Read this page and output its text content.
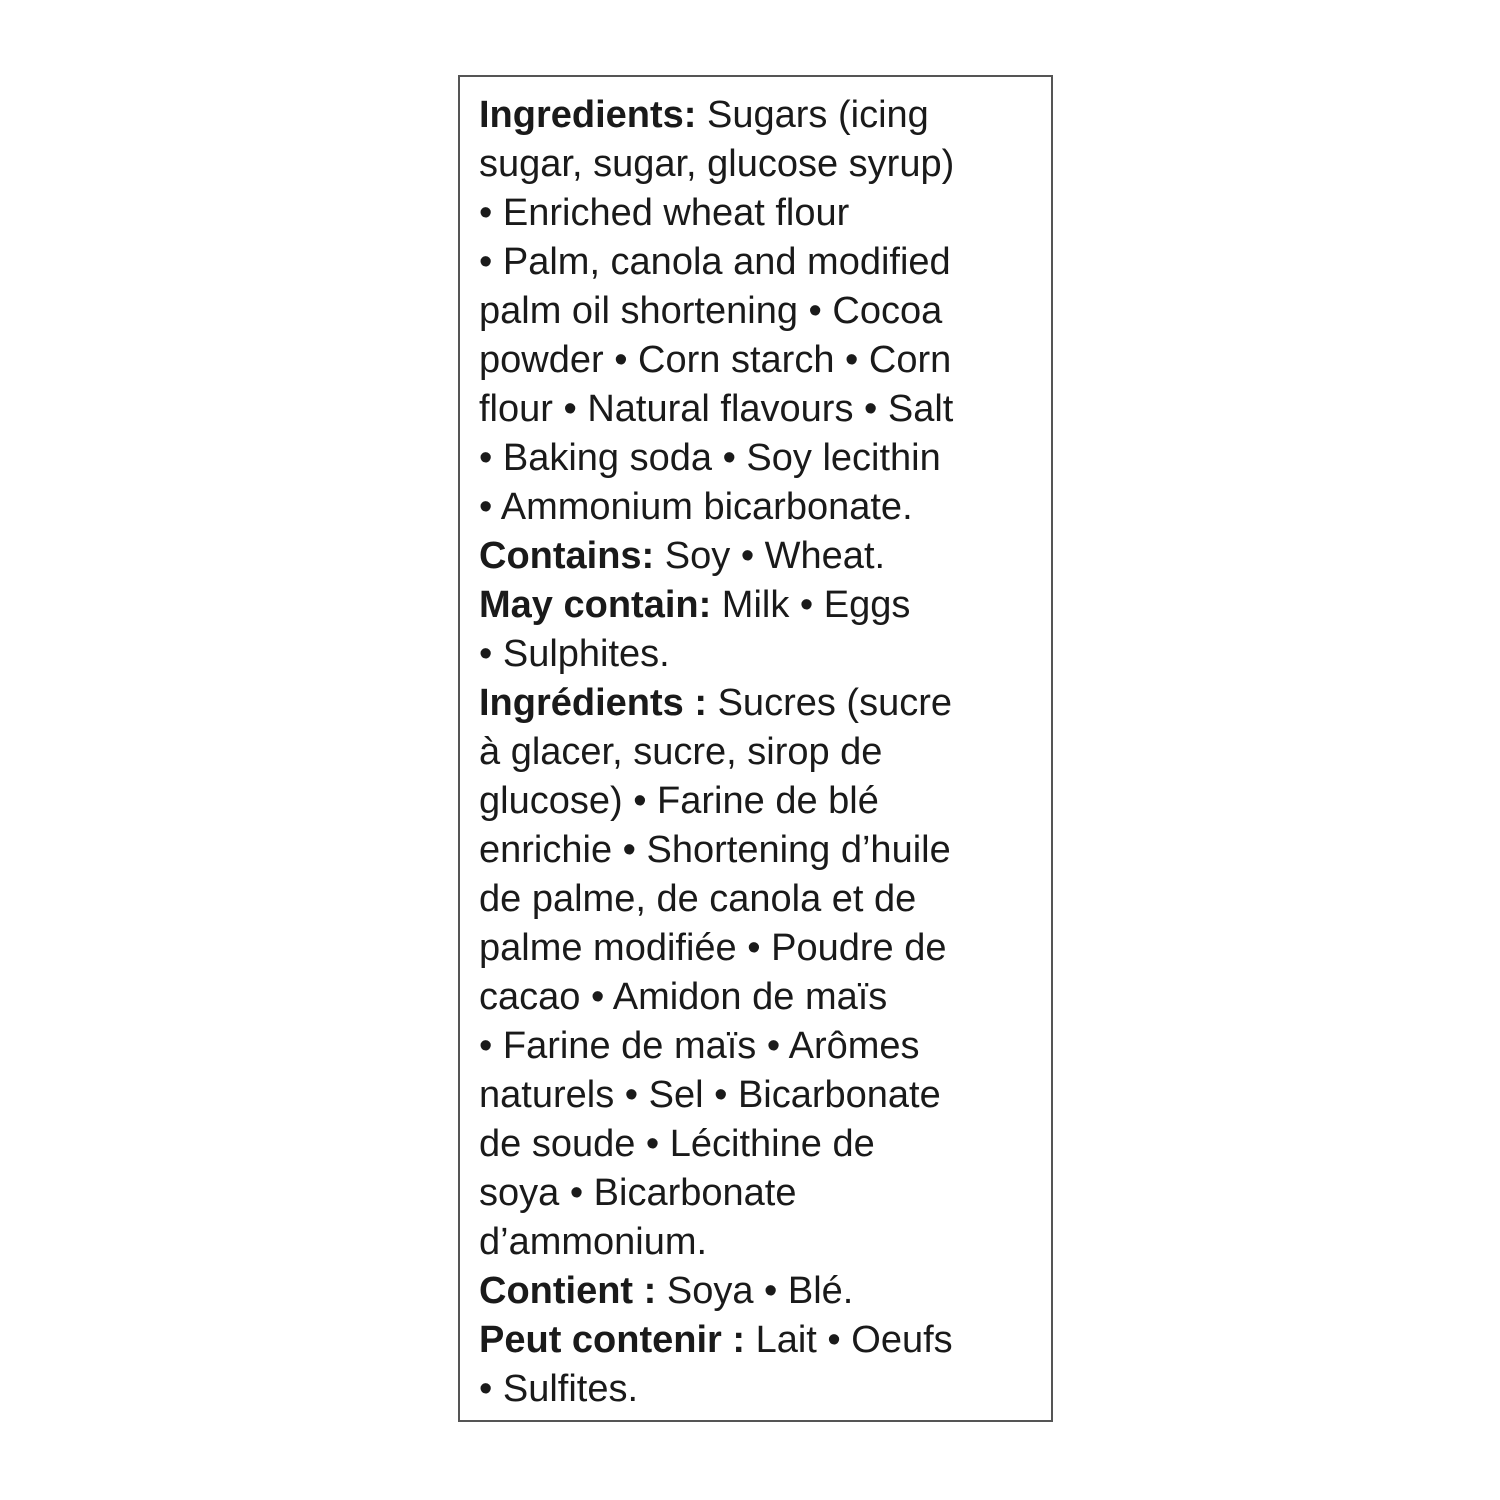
Ingredients: Sugars (icing
sugar, sugar, glucose syrup)
• Enriched wheat flour
• Palm, canola and modified
palm oil shortening • Cocoa
powder • Corn starch • Corn
flour • Natural flavours • Salt
• Baking soda • Soy lecithin
• Ammonium bicarbonate.
Contains: Soy • Wheat.
May contain: Milk • Eggs
• Sulphites.
Ingrédients : Sucres (sucre
à glacer, sucre, sirop de
glucose) • Farine de blé
enrichie • Shortening d’huile
de palme, de canola et de
palme modifiée • Poudre de
cacao • Amidon de maïs
• Farine de maïs • Arômes
naturels • Sel • Bicarbonate
de soude • Lécithine de
soya • Bicarbonate
d’ammonium.
Contient : Soya • Blé.
Peut contenir : Lait • Oeufs
• Sulfites.
